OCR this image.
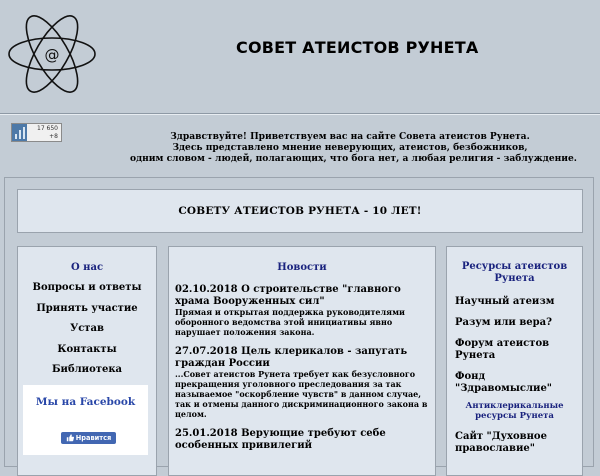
@	СОВЕТ АТЕИСТОВ РУНЕТА
17 650
+8	Здравствуйте! Приветствуем вас на сайте Совета атеистов Рунета.
Здесь представлено мнение неверующих, атеистов, безбожников,
одним словом - людей, полагающих, что бога нет, а любая религия - заблуждение.
СОВЕТУ АТЕИСТОВ РУНЕТА - 10 ЛЕТ!
О нас
Вопросы и ответы
Принять участие
Устав
Контакты
Библиотека
Мы на Facebook
Нравится
Новости
02.10.2018 О строительстве "главного храма Вооруженных сил"
Прямая и открытая поддержка руководителями оборонного ведомства этой инициативы явно нарушает положения закона.
27.07.2018 Цель клерикалов - запугать граждан России
...Совет атеистов Рунета требует как безусловного прекращения уголовного преследования за так называемое "оскорбление чувств" в данном случае, так и отмены данного дискриминационного закона в целом.
25.01.2018 Верующие требуют себе особенных привилегий
Ресурсы атеистов Рунета
Научный атеизм
Разум или вера?
Форум атеистов Рунета
Фонд "Здравомыслие"
Антиклерикальные ресурсы Рунета
Сайт "Духовное православие"
